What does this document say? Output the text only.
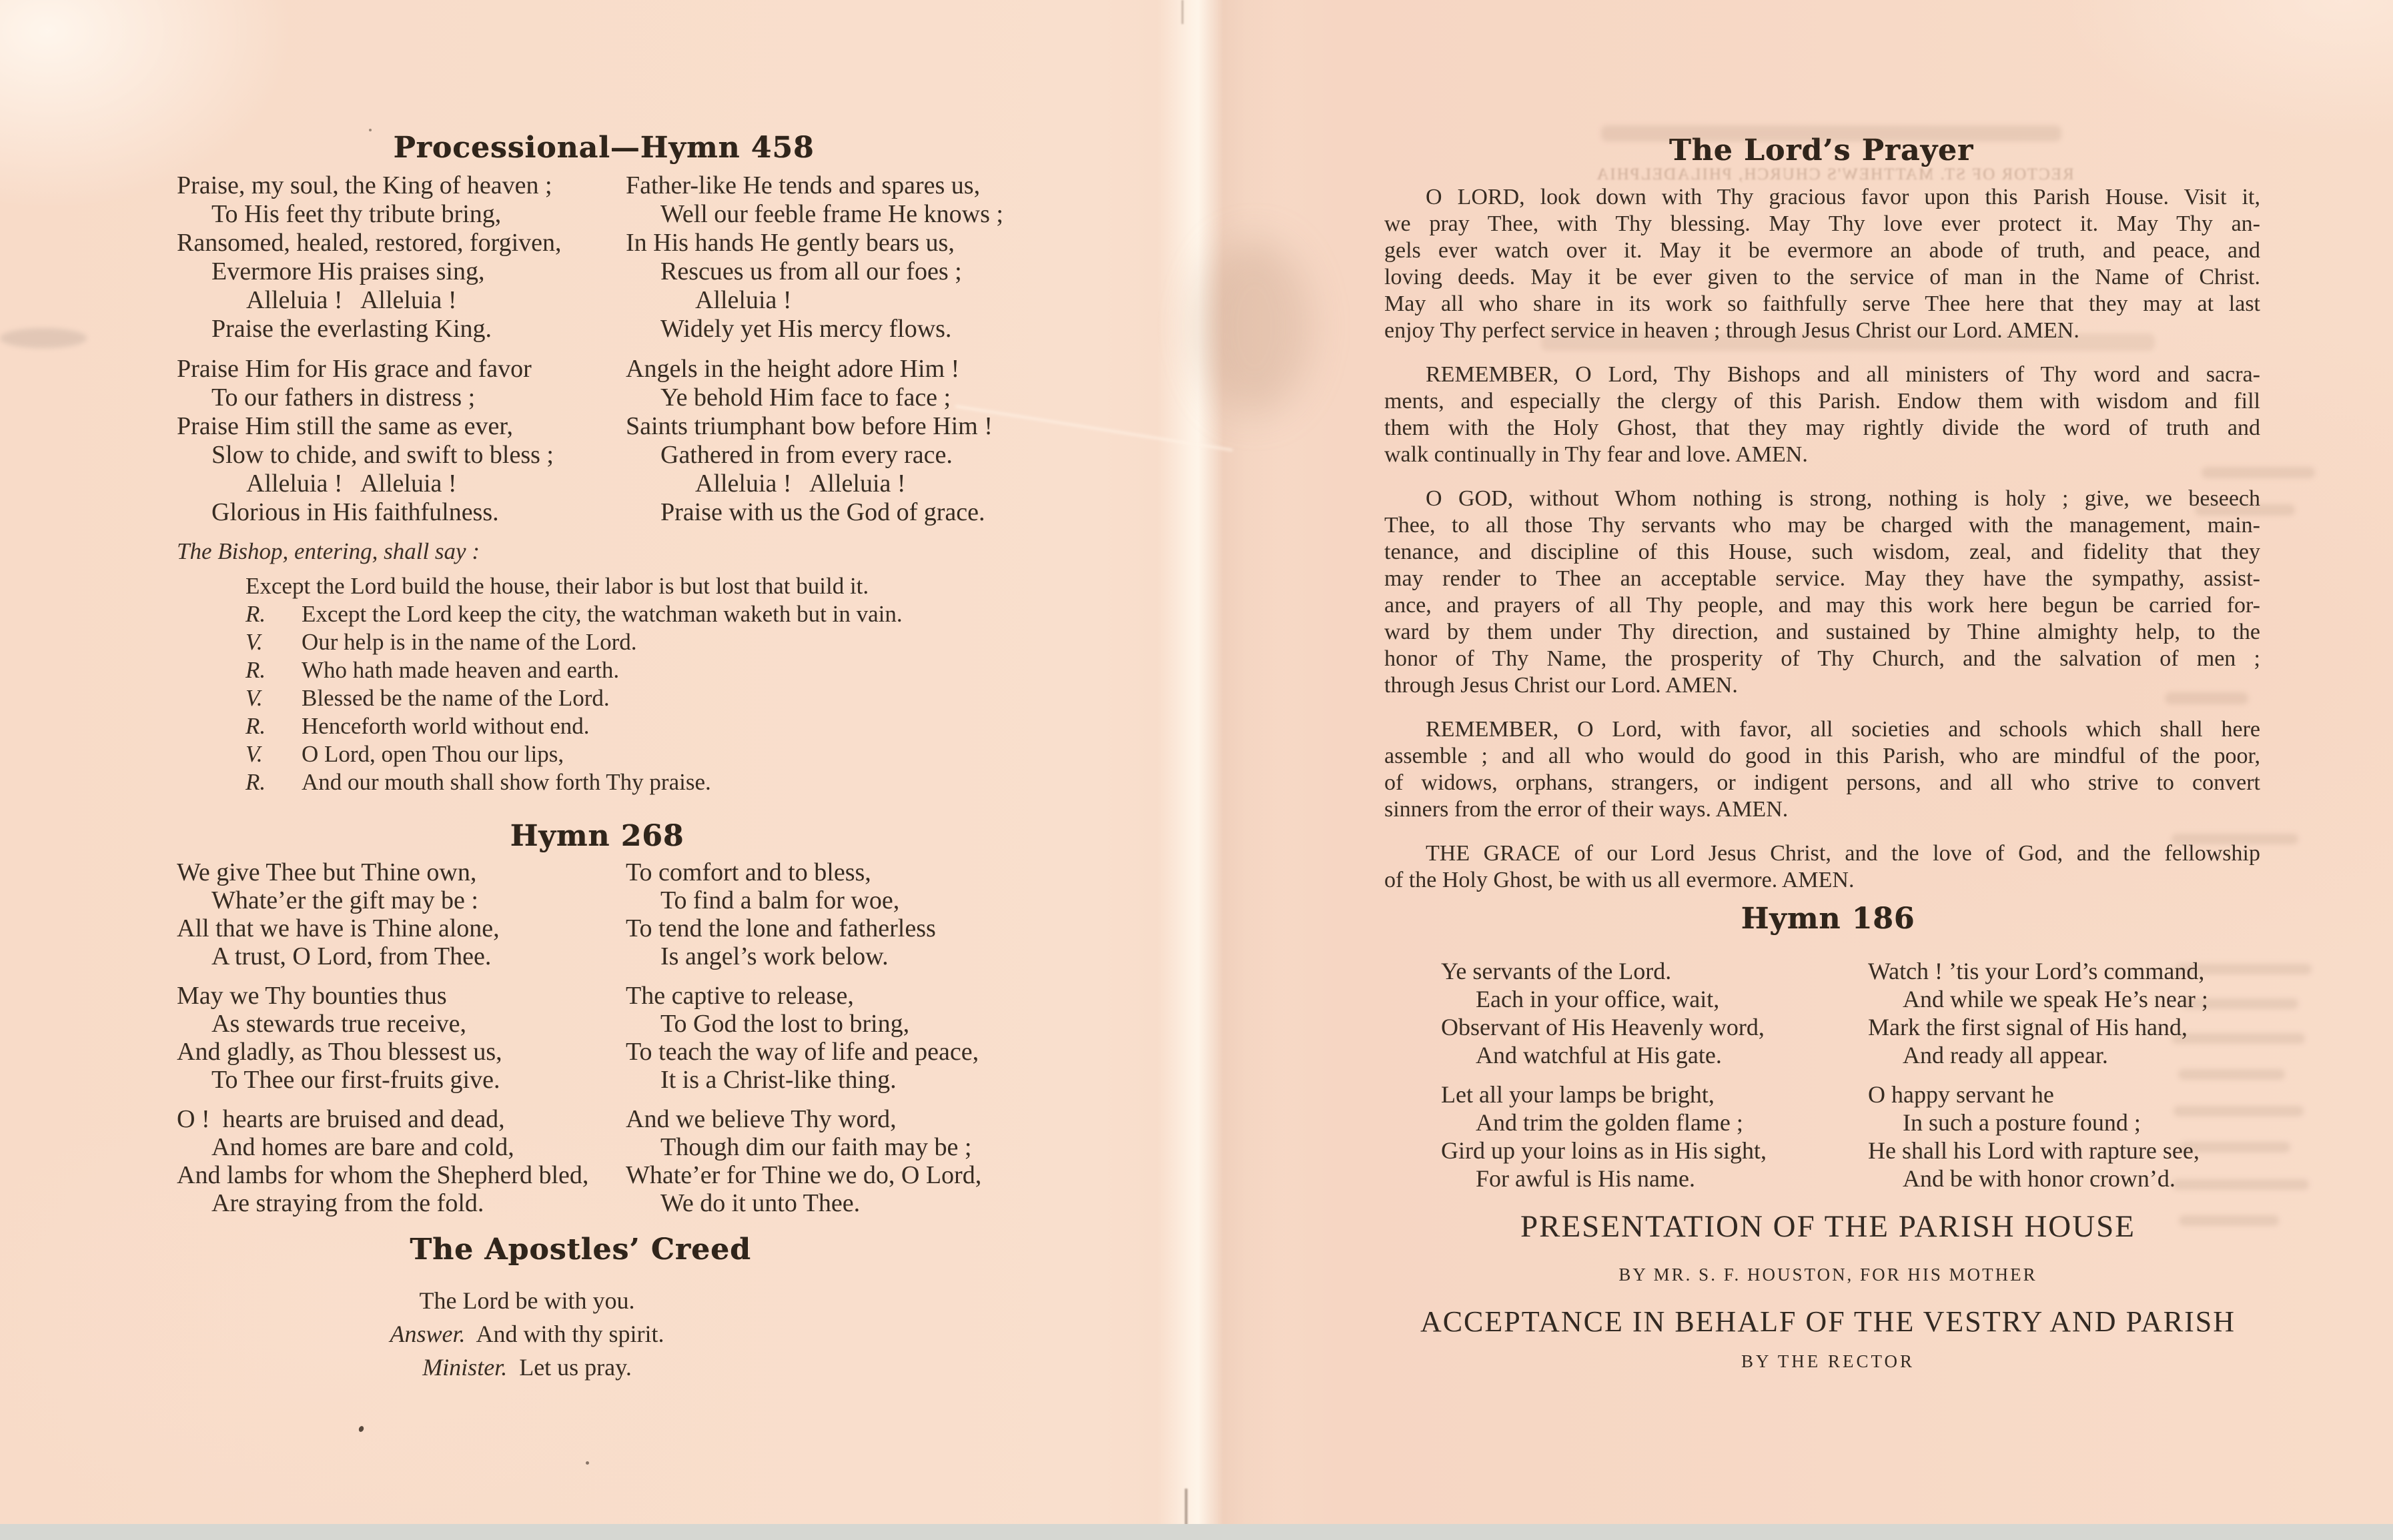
Processional—Hymn 458
Praise, my soul, the King of heaven ;
To His feet thy tribute bring,
Ransomed, healed, restored, forgiven,
Evermore His praises sing,
Alleluia !   Alleluia !
Praise the everlasting King.
Praise Him for His grace and favor
To our fathers in distress ;
Praise Him still the same as ever,
Slow to chide, and swift to bless ;
Alleluia !   Alleluia !
Glorious in His faithfulness.
Father-like He tends and spares us,
Well our feeble frame He knows ;
In His hands He gently bears us,
Rescues us from all our foes ;
Alleluia !
Widely yet His mercy flows.
Angels in the height adore Him !
Ye behold Him face to face ;
Saints triumphant bow before Him !
Gathered in from every race.
Alleluia !   Alleluia !
Praise with us the God of grace.
The Bishop, entering, shall say :
Except the Lord build the house, their labor is but lost that build it.
R. Except the Lord keep the city, the watchman waketh but in vain.
V. Our help is in the name of the Lord.
R. Who hath made heaven and earth.
V. Blessed be the name of the Lord.
R. Henceforth world without end.
V. O Lord, open Thou our lips,
R. And our mouth shall show forth Thy praise.
Hymn 268
We give Thee but Thine own,
Whate’er the gift may be :
All that we have is Thine alone,
A trust, O Lord, from Thee.
May we Thy bounties thus
As stewards true receive,
And gladly, as Thou blessest us,
To Thee our first-fruits give.
O !  hearts are bruised and dead,
And homes are bare and cold,
And lambs for whom the Shepherd bled,
Are straying from the fold.
To comfort and to bless,
To find a balm for woe,
To tend the lone and fatherless
Is angel’s work below.
The captive to release,
To God the lost to bring,
To teach the way of life and peace,
It is a Christ-like thing.
And we believe Thy word,
Though dim our faith may be ;
Whate’er for Thine we do, O Lord,
We do it unto Thee.
The Apostles’ Creed
The Lord be with you.
Answer. And with thy spirit.
Minister. Let us pray.
The Lord’s Prayer
RECTOR OF ST. MATTHEW'S CHURCH, PHILADELPHIA
O LORD, look down with Thy gracious favor upon this Parish House. Visit it,
we pray Thee, with Thy blessing. May Thy love ever protect it. May Thy an-
gels ever watch over it. May it be evermore an abode of truth, and peace, and
loving deeds. May it be ever given to the service of man in the Name of Christ.
May all who share in its work so faithfully serve Thee here that they may at last
enjoy Thy perfect service in heaven ; through Jesus Christ our Lord. AMEN.
REMEMBER, O Lord, Thy Bishops and all ministers of Thy word and sacra-
ments, and especially the clergy of this Parish. Endow them with wisdom and fill
them with the Holy Ghost, that they may rightly divide the word of truth and
walk continually in Thy fear and love. AMEN.
O GOD, without Whom nothing is strong, nothing is holy ; give, we beseech
Thee, to all those Thy servants who may be charged with the management, main-
tenance, and discipline of this House, such wisdom, zeal, and fidelity that they
may render to Thee an acceptable service. May they have the sympathy, assist-
ance, and prayers of all Thy people, and may this work here begun be carried for-
ward by them under Thy direction, and sustained by Thine almighty help, to the
honor of Thy Name, the prosperity of Thy Church, and the salvation of men ;
through Jesus Christ our Lord. AMEN.
REMEMBER, O Lord, with favor, all societies and schools which shall here
assemble ; and all who would do good in this Parish, who are mindful of the poor,
of widows, orphans, strangers, or indigent persons, and all who strive to convert
sinners from the error of their ways. AMEN.
THE GRACE of our Lord Jesus Christ, and the love of God, and the fellowship
of the Holy Ghost, be with us all evermore. AMEN.
Hymn 186
Ye servants of the Lord.
Each in your office, wait,
Observant of His Heavenly word,
And watchful at His gate.
Let all your lamps be bright,
And trim the golden flame ;
Gird up your loins as in His sight,
For awful is His name.
Watch ! ’tis your Lord’s command,
And while we speak He’s near ;
Mark the first signal of His hand,
And ready all appear.
O happy servant he
In such a posture found ;
He shall his Lord with rapture see,
And be with honor crown’d.
PRESENTATION OF THE PARISH HOUSE
BY MR. S. F. HOUSTON, FOR HIS MOTHER
ACCEPTANCE IN BEHALF OF THE VESTRY AND PARISH
BY THE RECTOR
